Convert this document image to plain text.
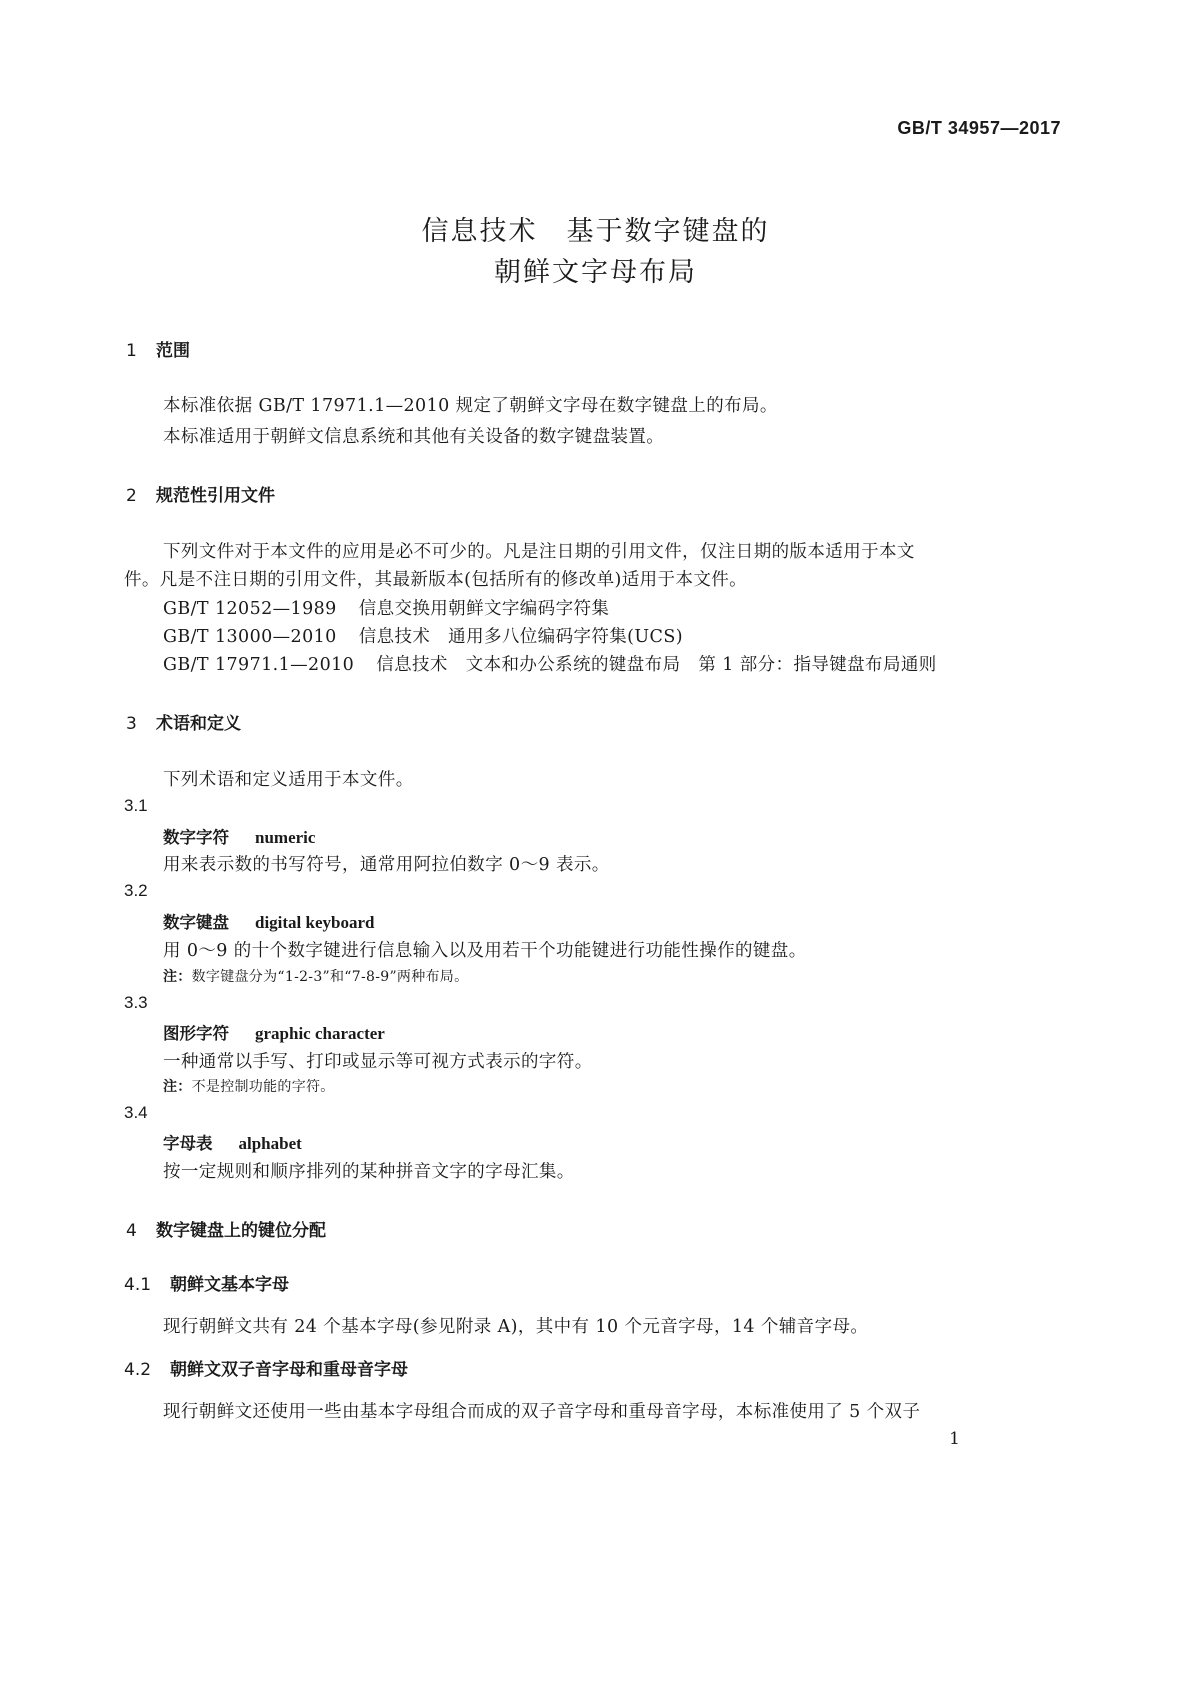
GB/T 34957—2017
信息技术　基于数字键盘的
朝鲜文字母布局
1 范围
本标准依据 GB/T 17971.1—2010 规定了朝鲜文字母在数字键盘上的布局。
本标准适用于朝鲜文信息系统和其他有关设备的数字键盘装置。
2 规范性引用文件
下列文件对于本文件的应用是必不可少的。凡是注日期的引用文件，仅注日期的版本适用于本文
件。凡是不注日期的引用文件，其最新版本(包括所有的修改单)适用于本文件。
GB/T 12052—1989 信息交换用朝鲜文字编码字符集
GB/T 13000—2010 信息技术　通用多八位编码字符集(UCS)
GB/T 17971.1—2010 信息技术　文本和办公系统的键盘布局　第 1 部分：指导键盘布局通则
3 术语和定义
下列术语和定义适用于本文件。
3.1
数字字符 numeric
用来表示数的书写符号，通常用阿拉伯数字 0～9 表示。
3.2
数字键盘 digital keyboard
用 0～9 的十个数字键进行信息输入以及用若干个功能键进行功能性操作的键盘。
注：数字键盘分为“1-2-3”和“7-8-9”两种布局。
3.3
图形字符 graphic character
一种通常以手写、打印或显示等可视方式表示的字符。
注：不是控制功能的字符。
3.4
字母表 alphabet
按一定规则和顺序排列的某种拼音文字的字母汇集。
4 数字键盘上的键位分配
4.1 朝鲜文基本字母
现行朝鲜文共有 24 个基本字母(参见附录 A)，其中有 10 个元音字母，14 个辅音字母。
4.2 朝鲜文双子音字母和重母音字母
现行朝鲜文还使用一些由基本字母组合而成的双子音字母和重母音字母，本标准使用了 5 个双子
1
